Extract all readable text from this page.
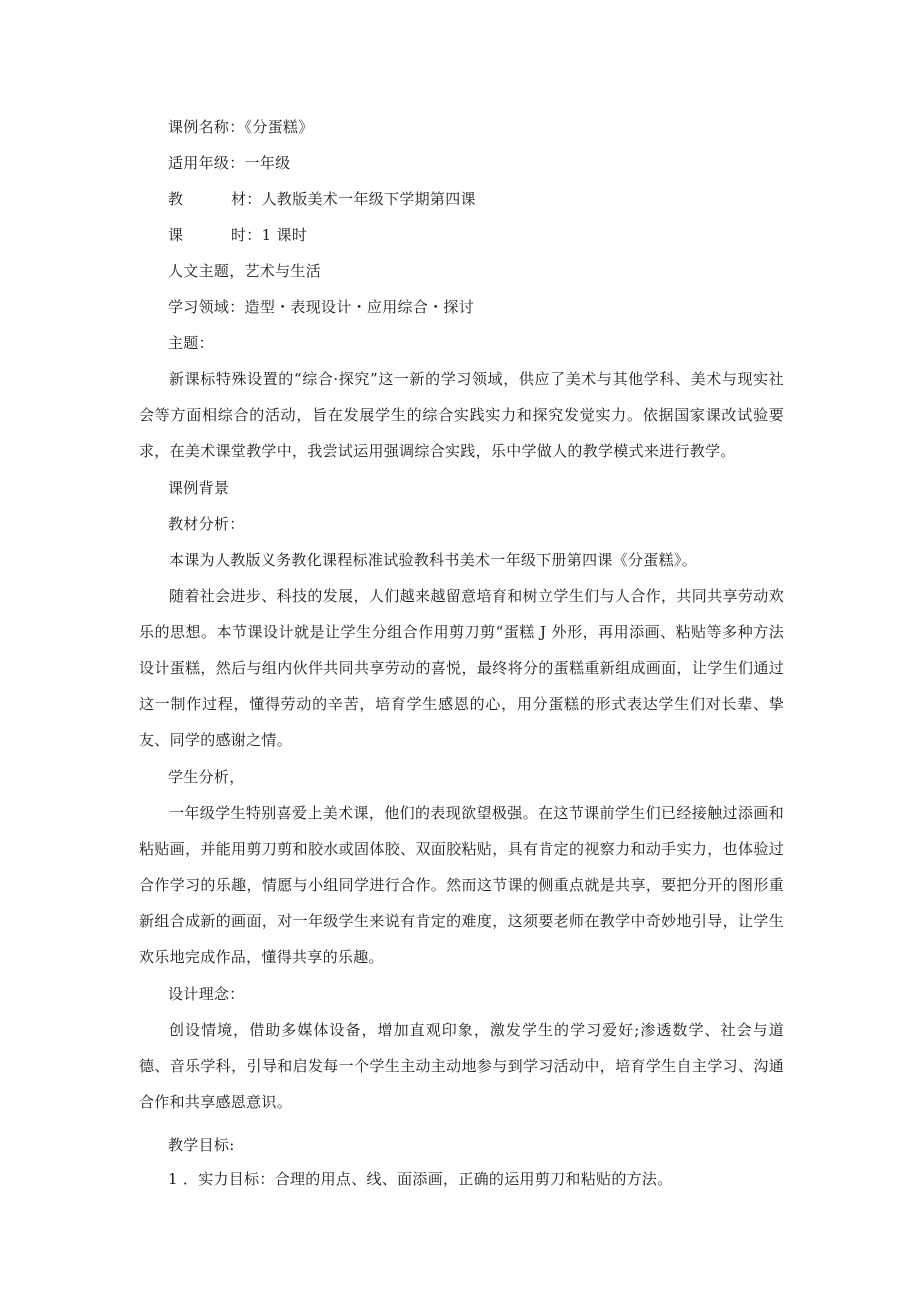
课例名称：《分蛋糕》
适用年级：一年级
教	材：人教版美术一年级下学期第四课
课	时：1 课时
人文主题，艺术与生活
学习领域：造型・表现设计・应用综合・探讨
主题：

新课标特殊设置的“综合·探究”这一新的学习领域，供应了美术与其他学科、美术与现实社会等方面相综合的活动，旨在发展学生的综合实践实力和探究发觉实力。依据国家课改试验要求，在美术课堂教学中，我尝试运用强调综合实践，乐中学做人的教学模式来进行教学。

课例背景
教材分析：

本课为人教版义务教化课程标准试验教科书美术一年级下册第四课《分蛋糕》。

随着社会进步、科技的发展，人们越来越留意培育和树立学生们与人合作，共同共享劳动欢乐的思想。本节课设计就是让学生分组合作用剪刀剪“蛋糕 J 外形，再用添画、粘贴等多种方法设计蛋糕，然后与组内伙伴共同共享劳动的喜悦，最终将分的蛋糕重新组成画面，让学生们通过这一制作过程，懂得劳动的辛苦，培育学生感恩的心，用分蛋糕的形式表达学生们对长辈、挚友、同学的感谢之情。

学生分析，

一年级学生特别喜爱上美术课，他们的表现欲望极强。在这节课前学生们已经接触过添画和粘贴画，并能用剪刀剪和胶水或固体胶、双面胶粘贴，具有肯定的视察力和动手实力，也体验过合作学习的乐趣，情愿与小组同学进行合作。然而这节课的侧重点就是共享，要把分开的图形重新组合成新的画面，对一年级学生来说有肯定的难度，这须要老师在教学中奇妙地引导，让学生欢乐地完成作品，懂得共享的乐趣。

设计理念：

创设情境，借助多媒体设备，增加直观印象，激发学生的学习爱好;渗透数学、社会与道德、音乐学科，引导和启发每一个学生主动主动地参与到学习活动中，培育学生自主学习、沟通合作和共享感恩意识。

教学目标:
1 ．实力目标：合理的用点、线、面添画，正确的运用剪刀和粘贴的方法。
